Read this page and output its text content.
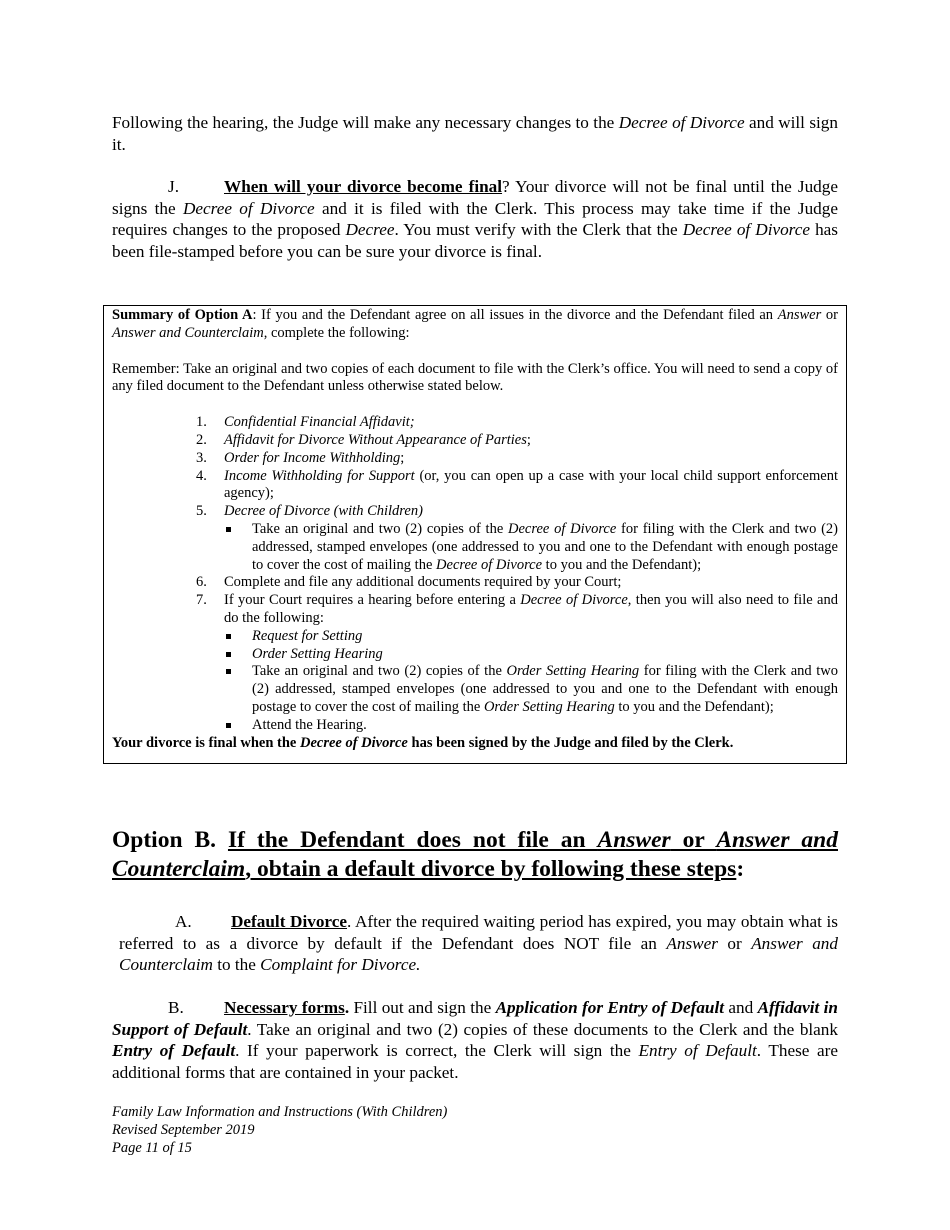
Following the hearing, the Judge will make any necessary changes to the Decree of Divorce and will sign it.

J.	When will your divorce become final? Your divorce will not be final until the Judge signs the Decree of Divorce and it is filed with the Clerk. This process may take time if the Judge requires changes to the proposed Decree. You must verify with the Clerk that the Decree of Divorce has been file-stamped before you can be sure your divorce is final.

Summary of Option A: If you and the Defendant agree on all issues in the divorce and the Defendant filed an Answer or Answer and Counterclaim, complete the following:

Remember: Take an original and two copies of each document to file with the Clerk’s office. You will need to send a copy of any filed document to the Defendant unless otherwise stated below.

1. Confidential Financial Affidavit;
2. Affidavit for Divorce Without Appearance of Parties;
3. Order for Income Withholding;
4. Income Withholding for Support (or, you can open up a case with your local child support enforcement agency);
5. Decree of Divorce (with Children)
Take an original and two (2) copies of the Decree of Divorce for filing with the Clerk and two (2) addressed, stamped envelopes (one addressed to you and one to the Defendant with enough postage to cover the cost of mailing the Decree of Divorce to you and the Defendant);
6. Complete and file any additional documents required by your Court;
7. If your Court requires a hearing before entering a Decree of Divorce, then you will also need to file and do the following:
Request for Setting
Order Setting Hearing
Take an original and two (2) copies of the Order Setting Hearing for filing with the Clerk and two (2) addressed, stamped envelopes (one addressed to you and one to the Defendant with enough postage to cover the cost of mailing the Order Setting Hearing to you and the Defendant);
Attend the Hearing.

Your divorce is final when the Decree of Divorce has been signed by the Judge and filed by the Clerk.

Option B. If the Defendant does not file an Answer or Answer and Counterclaim, obtain a default divorce by following these steps:

A. Default Divorce. After the required waiting period has expired, you may obtain what is referred to as a divorce by default if the Defendant does NOT file an Answer or Answer and Counterclaim to the Complaint for Divorce.

B. Necessary forms. Fill out and sign the Application for Entry of Default and Affidavit in Support of Default. Take an original and two (2) copies of these documents to the Clerk and the blank Entry of Default. If your paperwork is correct, the Clerk will sign the Entry of Default. These are additional forms that are contained in your packet.

Family Law Information and Instructions (With Children)
Revised September 2019
Page 11 of 15
